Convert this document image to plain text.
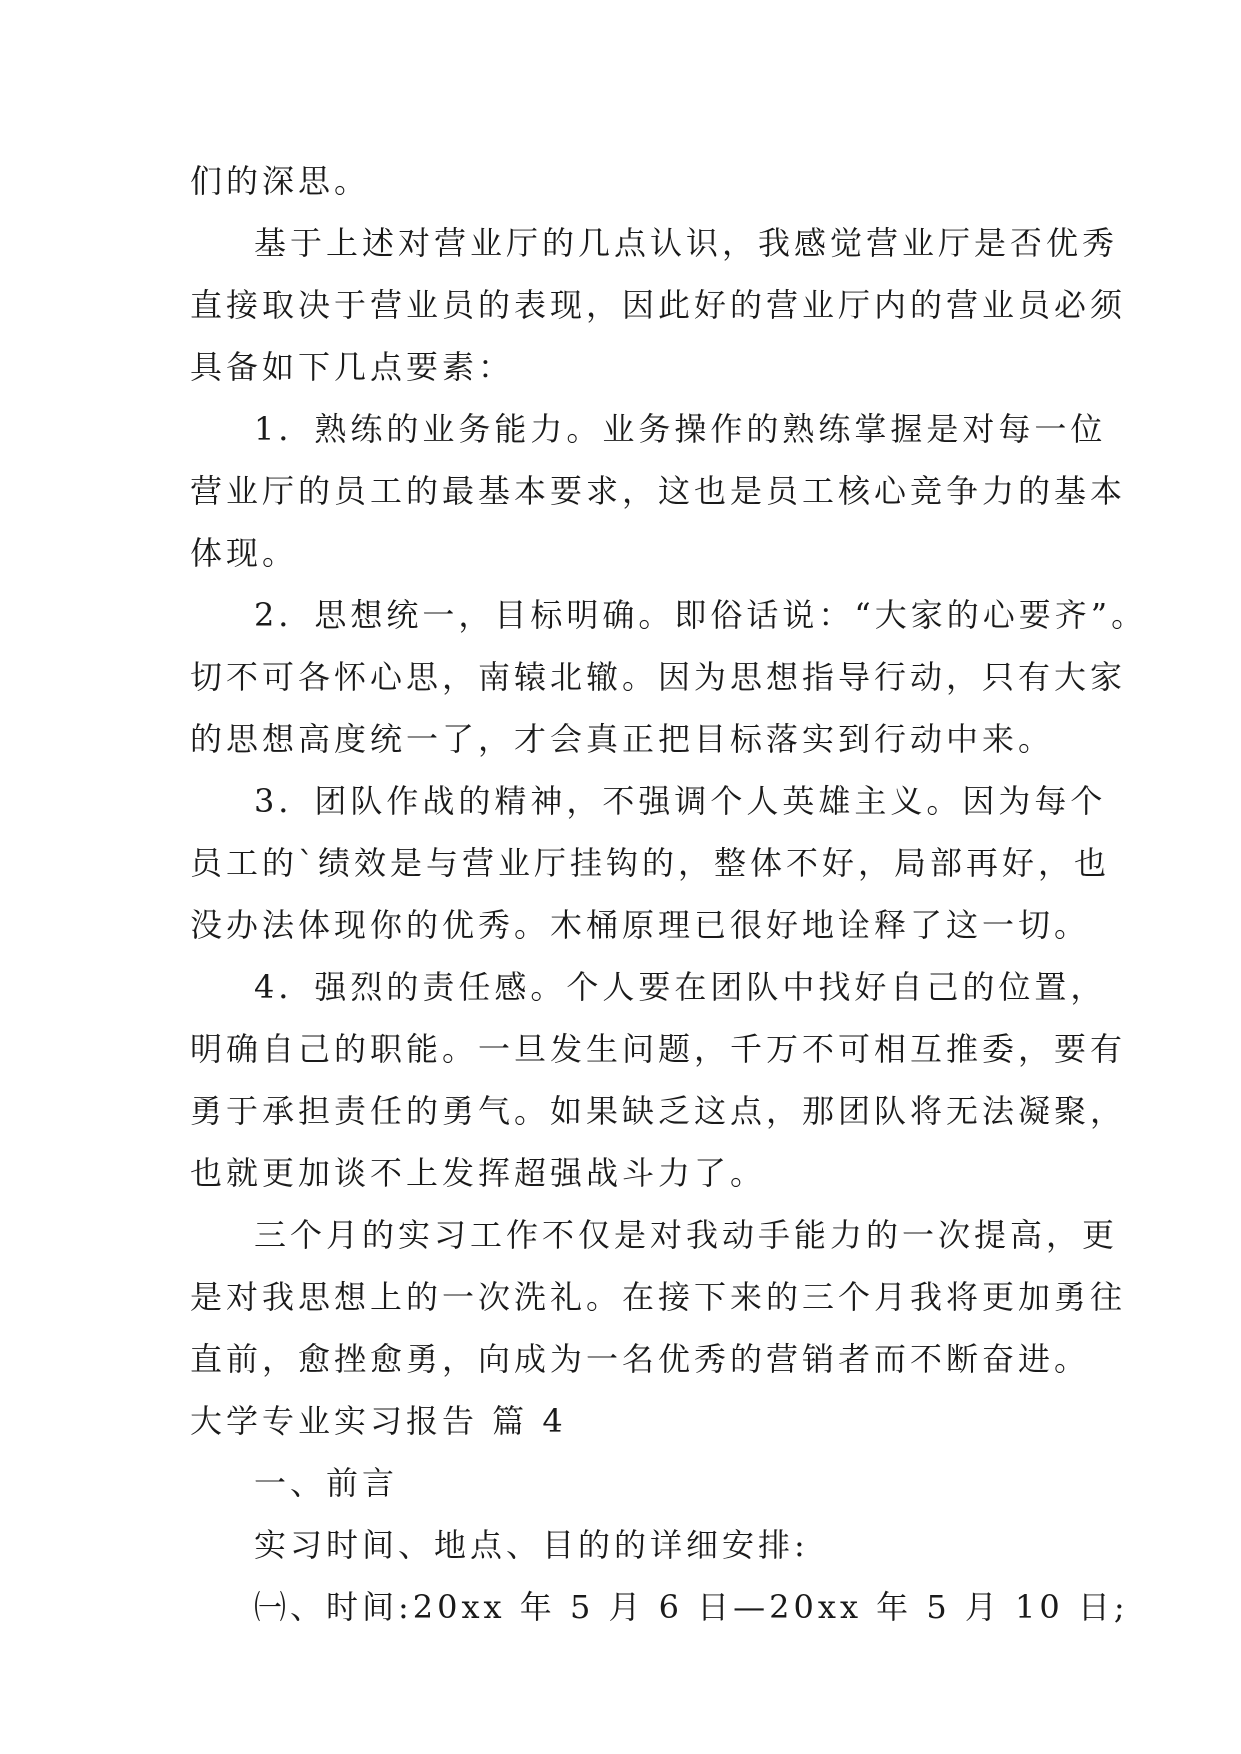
们的深思。
基于上述对营业厅的几点认识，我感觉营业厅是否优秀
直接取决于营业员的表现，因此好的营业厅内的营业员必须
具备如下几点要素：
1．熟练的业务能力。业务操作的熟练掌握是对每一位
营业厅的员工的最基本要求，这也是员工核心竞争力的基本
体现。
2．思想统一，目标明确。即俗话说：“大家的心要齐”。
切不可各怀心思，南辕北辙。因为思想指导行动，只有大家
的思想高度统一了，才会真正把目标落实到行动中来。
3．团队作战的精神，不强调个人英雄主义。因为每个
员工的`绩效是与营业厅挂钩的，整体不好，局部再好，也
没办法体现你的优秀。木桶原理已很好地诠释了这一切。
4．强烈的责任感。个人要在团队中找好自己的位置，
明确自己的职能。一旦发生问题，千万不可相互推委，要有
勇于承担责任的勇气。如果缺乏这点，那团队将无法凝聚，
也就更加谈不上发挥超强战斗力了。
三个月的实习工作不仅是对我动手能力的一次提高，更
是对我思想上的一次洗礼。在接下来的三个月我将更加勇往
直前，愈挫愈勇，向成为一名优秀的营销者而不断奋进。
大学专业实习报告 篇 4
一、前言
实习时间、地点、目的的详细安排:
㈠、时间:20xx 年 5 月 6 日—20xx 年 5 月 10 日;
